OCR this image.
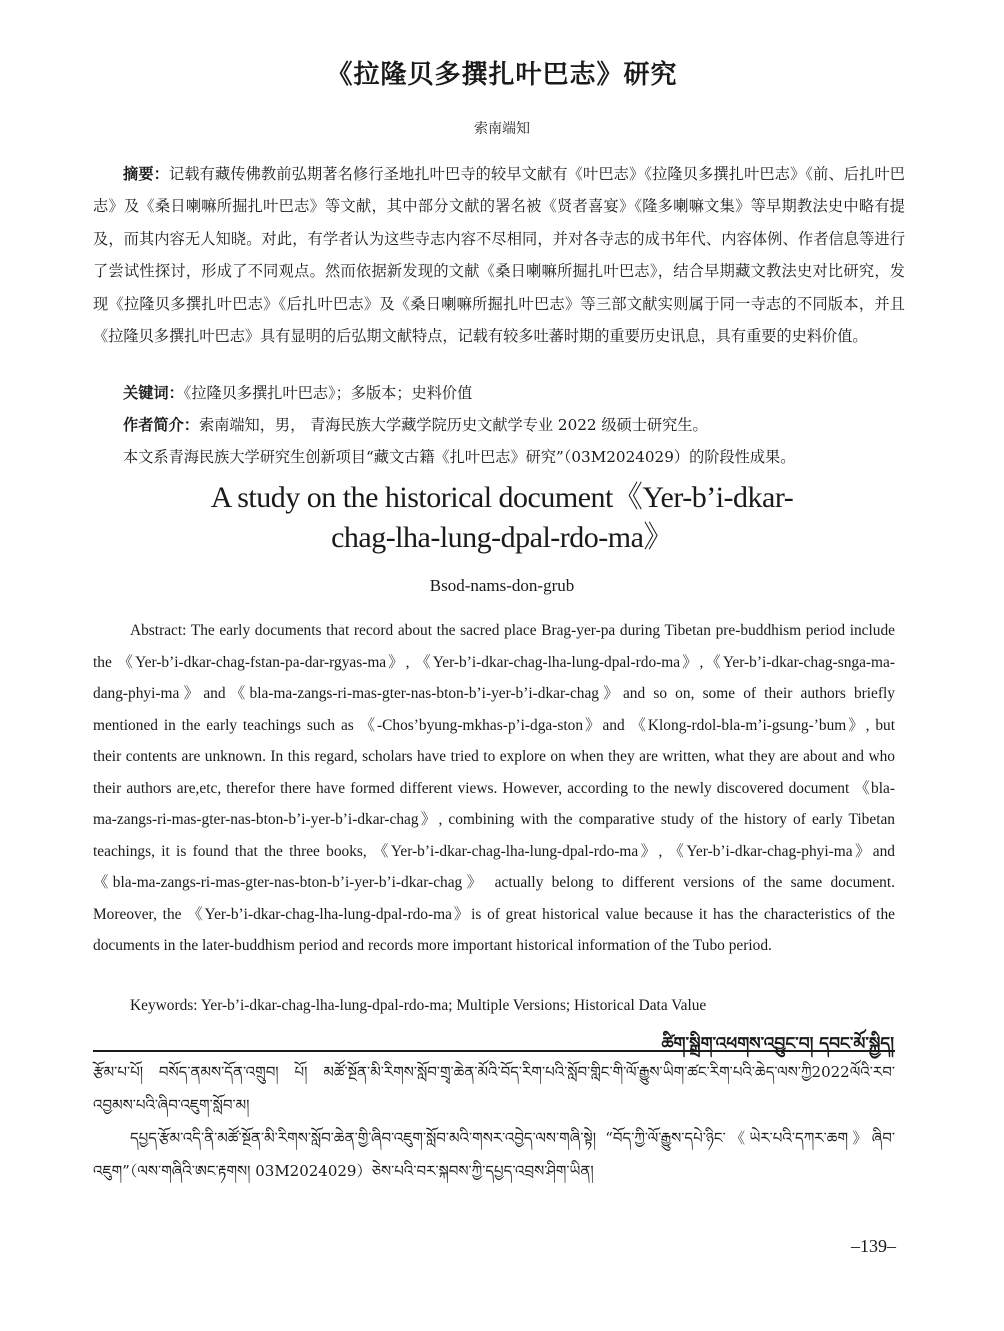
《拉隆贝多撰扎叶巴志》研究
索南端知
摘要：记载有藏传佛教前弘期著名修行圣地扎叶巴寺的较早文献有《叶巴志》《拉隆贝多撰扎叶巴志》《前、后扎叶巴志》及《桑日喇嘛所掘扎叶巴志》等文献，其中部分文献的署名被《贤者喜宴》《隆多喇嘛文集》等早期教法史中略有提及，而其内容无人知晓。对此，有学者认为这些寺志内容不尽相同，并对各寺志的成书年代、内容体例、作者信息等进行了尝试性探讨，形成了不同观点。然而依据新发现的文献《桑日喇嘛所掘扎叶巴志》，结合早期藏文教法史对比研究，发现《拉隆贝多撰扎叶巴志》《后扎叶巴志》及《桑日喇嘛所掘扎叶巴志》等三部文献实则属于同一寺志的不同版本，并且《拉隆贝多撰扎叶巴志》具有显明的后弘期文献特点，记载有较多吐蕃时期的重要历史讯息，具有重要的史料价值。
关键词：《拉隆贝多撰扎叶巴志》；多版本；史料价值
作者简介：索南端知，男， 青海民族大学藏学院历史文献学专业 2022 级硕士研究生。
本文系青海民族大学研究生创新项目“藏文古籍《扎叶巴志》研究”（03M2024029）的阶段性成果。
A study on the historical document《Yer-b’i-dkar-chag-lha-lung-dpal-rdo-ma》
Bsod-nams-don-grub
Abstract: The early documents that record about the sacred place Brag-yer-pa during Tibetan pre-buddhism period include the 《Yer-b’i-dkar-chag-fstan-pa-dar-rgyas-ma》, 《Yer-b’i-dkar-chag-lha-lung-dpal-rdo-ma》,《Yer-b’i-dkar-chag-snga-ma-dang-phyi-ma》and《bla-ma-zangs-ri-mas-gter-nas-bton-b’i-yer-b’i-dkar-chag》and so on, some of their authors briefly mentioned in the early teachings such as 《-Chos’byung-mkhas-p’i-dga-ston》and 《Klong-rdol-bla-m’i-gsung-’bum》, but their contents are unknown. In this regard, scholars have tried to explore on when they are written, what they are about and who their authors are,etc, therefor there have formed different views. However, according to the newly discovered document 《bla-ma-zangs-ri-mas-gter-nas-bton-b’i-yer-b’i-dkar-chag》, combining with the comparative study of the history of early Tibetan teachings, it is found that the three books, 《Yer-b’i-dkar-chag-lha-lung-dpal-rdo-ma》, 《Yer-b’i-dkar-chag-phyi-ma》and《bla-ma-zangs-ri-mas-gter-nas-bton-b’i-yer-b’i-dkar-chag》 actually belong to different versions of the same document. Moreover, the 《Yer-b’i-dkar-chag-lha-lung-dpal-rdo-ma》is of great historical value because it has the characteristics of the documents in the later-buddhism period and records more important historical information of the Tubo period.
Keywords: Yer-b’i-dkar-chag-lha-lung-dpal-rdo-ma; Multiple Versions; Historical Data Value
ཚིག་སྒྲིག་འཕགས་འབྱུང་བ། དབང་མོ་སྐྱིད།
རྩོམ་པ་པོ། བསོད་ནམས་དོན་འགྲུབ། པོ། མཚོ་སྔོན་མི་རིགས་སློབ་གྲྭ་ཆེན་མོའི་བོད་རིག་པའི་སློབ་གླིང་གི་ལོ་རྒྱུས་ཡིག་ཚང་རིག་པའི་ཆེད་ལས་ཀྱི2022ལོའི་རབ་འབྱམས་པའི་ཞིབ་འཇུག་སློབ་མ།
དཔྱད་རྩོམ་འདི་ནི་མཚོ་སྔོན་མི་རིགས་སློབ་ཆེན་གྱི་ཞིབ་འཇུག་སློབ་མའི་གསར་འབྱེད་ལས་གཞི་སྟེ། “བོད་ཀྱི་ལོ་རྒྱུས་དཔེ་ཉིང་《ཡེར་པའི་དཀར་ཆག》ཞིབ་འཇུག”（ལས་གཞིའི་ཨང་རྟགས། 03M2024029）ཅེས་པའི་བར་སྐབས་ཀྱི་དཔྱད་འབྲས་ཤིག་ཡིན།
–139–
